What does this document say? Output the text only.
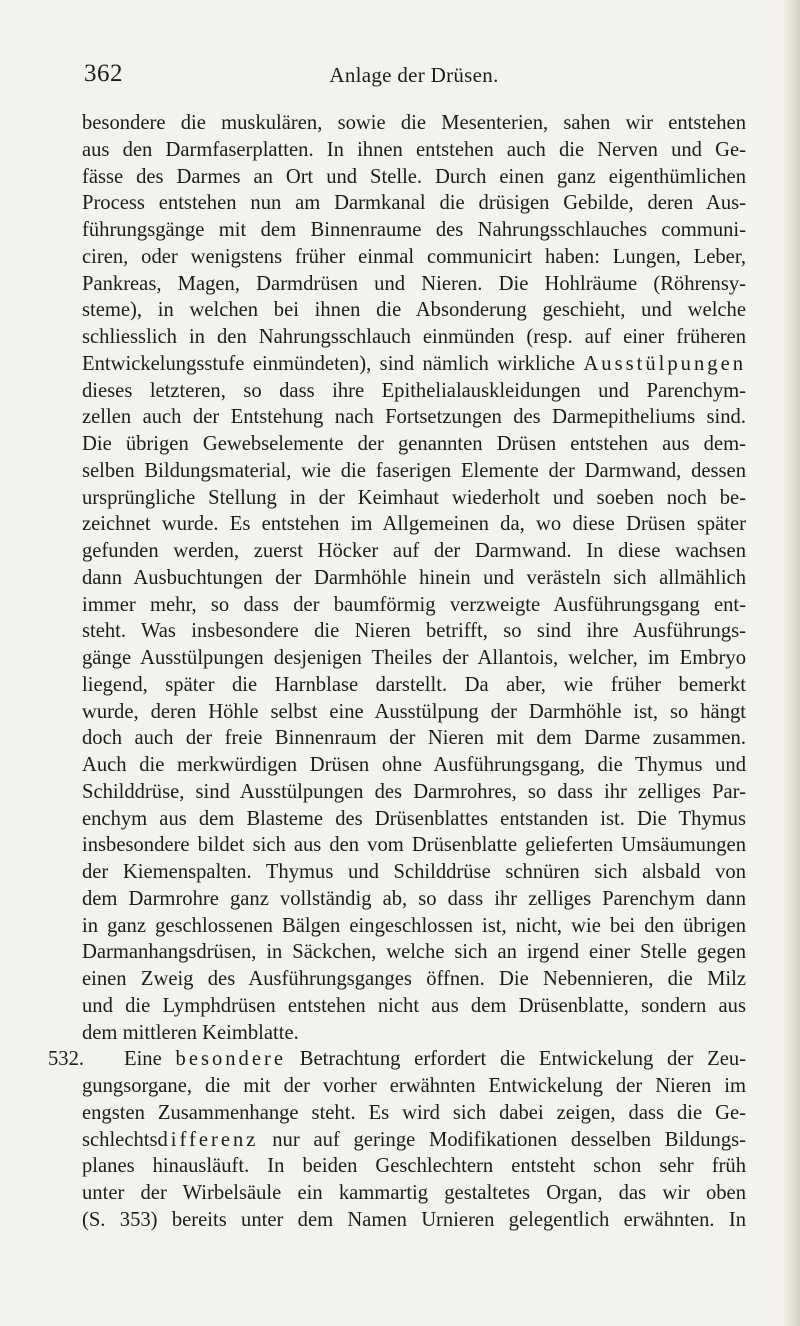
362	Anlage der Drüsen.
besondere die muskulären, sowie die Mesenterien, sahen wir entstehen
aus den Darmfaserplatten. In ihnen entstehen auch die Nerven und Ge-
fässe des Darmes an Ort und Stelle. Durch einen ganz eigenthümlichen
Process entstehen nun am Darmkanal die drüsigen Gebilde, deren Aus-
führungsgänge mit dem Binnenraume des Nahrungsschlauches communi-
ciren, oder wenigstens früher einmal communicirt haben: Lungen, Leber,
Pankreas, Magen, Darmdrüsen und Nieren. Die Hohlräume (Röhrensy-
steme), in welchen bei ihnen die Absonderung geschieht, und welche
schliesslich in den Nahrungsschlauch einmünden (resp. auf einer früheren
Entwickelungsstufe einmündeten), sind nämlich wirkliche Ausstülpungen
dieses letzteren, so dass ihre Epithelialauskleidungen und Parenchym-
zellen auch der Entstehung nach Fortsetzungen des Darmepitheliums sind.
Die übrigen Gewebselemente der genannten Drüsen entstehen aus dem-
selben Bildungsmaterial, wie die faserigen Elemente der Darmwand, dessen
ursprüngliche Stellung in der Keimhaut wiederholt und soeben noch be-
zeichnet wurde. Es entstehen im Allgemeinen da, wo diese Drüsen später
gefunden werden, zuerst Höcker auf der Darmwand. In diese wachsen
dann Ausbuchtungen der Darmhöhle hinein und verästeln sich allmählich
immer mehr, so dass der baumförmig verzweigte Ausführungsgang ent-
steht. Was insbesondere die Nieren betrifft, so sind ihre Ausführungs-
gänge Ausstülpungen desjenigen Theiles der Allantois, welcher, im Embryo
liegend, später die Harnblase darstellt. Da aber, wie früher bemerkt
wurde, deren Höhle selbst eine Ausstülpung der Darmhöhle ist, so hängt
doch auch der freie Binnenraum der Nieren mit dem Darme zusammen.
Auch die merkwürdigen Drüsen ohne Ausführungsgang, die Thymus und
Schilddrüse, sind Ausstülpungen des Darmrohres, so dass ihr zelliges Par-
enchym aus dem Blasteme des Drüsenblattes entstanden ist. Die Thymus
insbesondere bildet sich aus den vom Drüsenblatte gelieferten Umsäumungen
der Kiemenspalten. Thymus und Schilddrüse schnüren sich alsbald von
dem Darmrohre ganz vollständig ab, so dass ihr zelliges Parenchym dann
in ganz geschlossenen Bälgen eingeschlossen ist, nicht, wie bei den übrigen
Darmanhangsdrüsen, in Säckchen, welche sich an irgend einer Stelle gegen
einen Zweig des Ausführungsganges öffnen. Die Nebennieren, die Milz
und die Lymphdrüsen entstehen nicht aus dem Drüsenblatte, sondern aus
dem mittleren Keimblatte.
532. Eine besondere Betrachtung erfordert die Entwickelung der Zeu-
gungsorgane, die mit der vorher erwähnten Entwickelung der Nieren im
engsten Zusammenhange steht. Es wird sich dabei zeigen, dass die Ge-
schlechtsdifferenz nur auf geringe Modifikationen desselben Bildungs-
planes hinausläuft. In beiden Geschlechtern entsteht schon sehr früh
unter der Wirbelsäule ein kammartig gestaltetes Organ, das wir oben
(S. 353) bereits unter dem Namen Urnieren gelegentlich erwähnten. In
